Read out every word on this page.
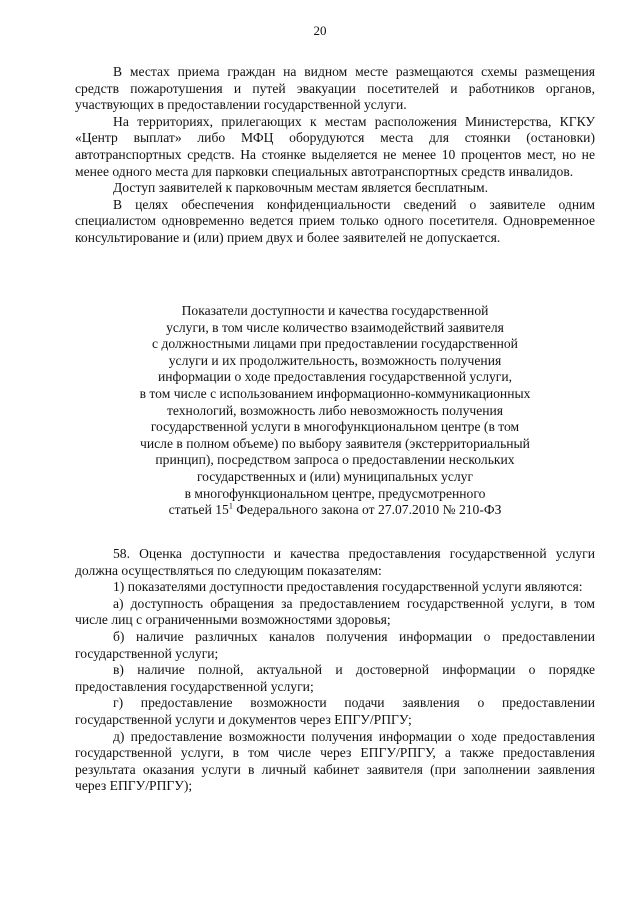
20

В местах приема граждан на видном месте размещаются схемы размещения средств пожаротушения и путей эвакуации посетителей и работников органов, участвующих в предоставлении государственной услуги.

На территориях, прилегающих к местам расположения Министерства, КГКУ «Центр выплат» либо МФЦ оборудуются места для стоянки (остановки) автотранспортных средств. На стоянке выделяется не менее 10 процентов мест, но не менее одного места для парковки специальных автотранспортных средств инвалидов.

Доступ заявителей к парковочным местам является бесплатным.

В целях обеспечения конфиденциальности сведений о заявителе одним специалистом одновременно ведется прием только одного посетителя. Одновременное консультирование и (или) прием двух и более заявителей не допускается.

Показатели доступности и качества государственной
услуги, в том числе количество взаимодействий заявителя
с должностными лицами при предоставлении государственной
услуги и их продолжительность, возможность получения
информации о ходе предоставления государственной услуги,
в том числе с использованием информационно-коммуникационных
технологий, возможность либо невозможность получения
государственной услуги в многофункциональном центре (в том
числе в полном объеме) по выбору заявителя (экстерриториальный
принцип), посредством запроса о предоставлении нескольких
государственных и (или) муниципальных услуг
в многофункциональном центре, предусмотренного
статьей $15^1$ Федерального закона от 27.07.2010 № 210-ФЗ

58. Оценка доступности и качества предоставления государственной услуги должна осуществляться по следующим показателям:

1) показателями доступности предоставления государственной услуги являются:

а) доступность обращения за предоставлением государственной услуги, в том числе лиц с ограниченными возможностями здоровья;

б) наличие различных каналов получения информации о предоставлении государственной услуги;

в) наличие полной, актуальной и достоверной информации о порядке предоставления государственной услуги;

г) предоставление возможности подачи заявления о предоставлении государственной услуги и документов через ЕПГУ/РПГУ;

д) предоставление возможности получения информации о ходе предоставления государственной услуги, в том числе через ЕПГУ/РПГУ, а также предоставления результата оказания услуги в личный кабинет заявителя (при заполнении заявления через ЕПГУ/РПГУ);
